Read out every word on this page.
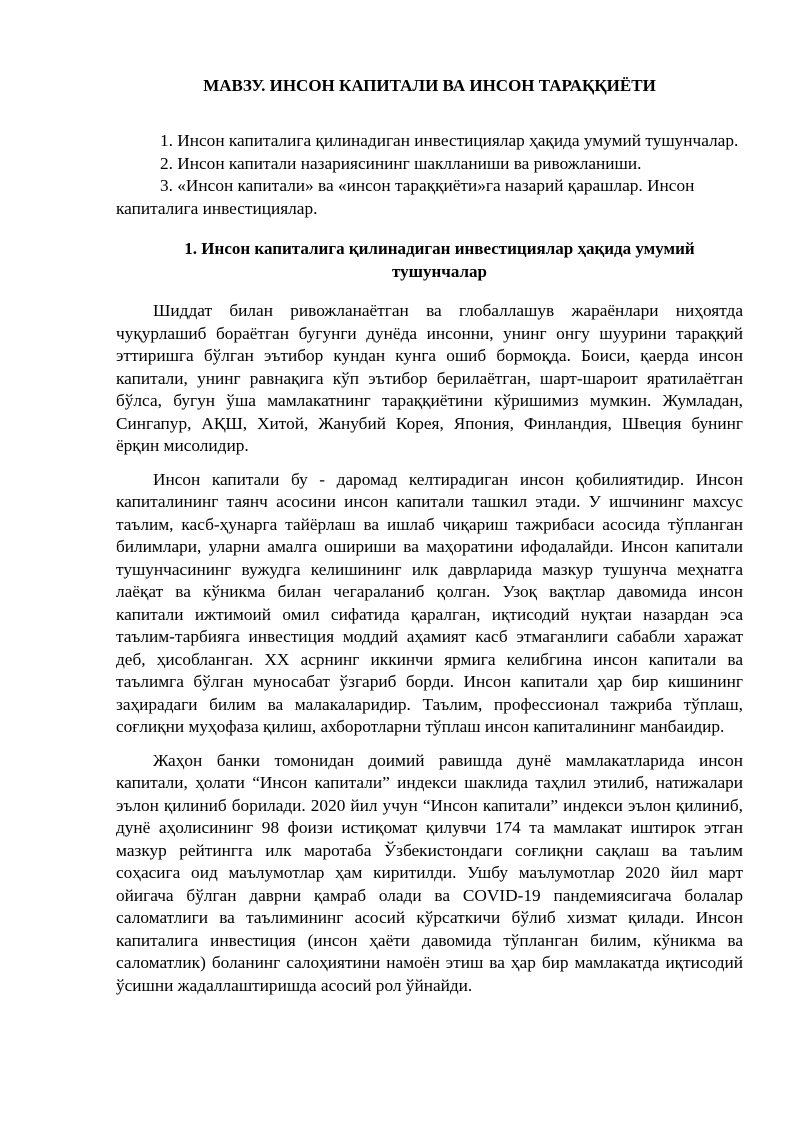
МАВЗУ. ИНСОН КАПИТАЛИ ВА ИНСОН ТАРАҚҚИЁТИ

1. Инсон капиталига қилинадиган инвестициялар ҳақида умумий тушунчалар.

2. Инсон капитали назариясининг шаклланиши ва ривожланиши.

3. «Инсон капитали» ва «инсон тараққиёти»га назарий қарашлар. Инсон капиталига инвестициялар.

1. Инсон капиталига қилинадиган инвестициялар ҳақида умумий тушунчалар

Шиддат билан ривожланаётган ва глобаллашув жараёнлари ниҳоятда чуқурлашиб бораётган бугунги дунёда инсонни, унинг онгу шуурини тараққий эттиришга бўлган эътибор кундан кунга ошиб бормоқда. Боиси, қаерда инсон капитали, унинг равнақига кўп эътибор берилаётган, шарт-шароит яратилаётган бўлса, бугун ўша мамлакатнинг тараққиётини кўришимиз мумкин. Жумладан, Сингапур, АҚШ, Хитой, Жанубий Корея, Япония, Финландия, Швеция бунинг ёрқин мисолидир.

Инсон капитали бу - даромад келтирадиган инсон қобилиятидир. Инсон капиталининг таянч асосини инсон капитали ташкил этади. У ишчининг махсус таълим, касб-ҳунарга тайёрлаш ва ишлаб чиқариш тажрибаси асосида тўпланган билимлари, уларни амалга ошириши ва маҳоратини ифодалайди. Инсон капитали тушунчасининг вужудга келишининг илк даврларида мазкур тушунча меҳнатга лаёқат ва кўникма билан чегараланиб қолган. Узоқ вақтлар давомида инсон капитали ижтимоий омил сифатида қаралган, иқтисодий нуқтаи назардан эса таълим-тарбияга инвестиция моддий аҳамият касб этмаганлиги сабабли харажат деб, ҳисобланган. XX асрнинг иккинчи ярмига келибгина инсон капитали ва таълимга бўлган муносабат ўзгариб борди. Инсон капитали ҳар бир кишининг заҳирадаги билим ва малакаларидир. Таълим, профессионал тажриба тўплаш, соғлиқни муҳофаза қилиш, ахборотларни тўплаш инсон капиталининг манбаидир.

Жаҳон банки томонидан доимий равишда дунё мамлакатларида инсон капитали, ҳолати “Инсон капитали” индекси шаклида таҳлил этилиб, натижалари эълон қилиниб борилади. 2020 йил учун “Инсон капитали” индекси эълон қилиниб, дунё аҳолисининг 98 фоизи истиқомат қилувчи 174 та мамлакат иштирок этган мазкур рейтингга илк маротаба Ўзбекистондаги соғлиқни сақлаш ва таълим соҳасига оид маълумотлар ҳам киритилди. Ушбу маълумотлар 2020 йил март ойигача бўлган даврни қамраб олади ва COVID-19 пандемиясигача болалар саломатлиги ва таълимининг асосий кўрсаткичи бўлиб хизмат қилади. Инсон капиталига инвестиция (инсон ҳаёти давомида тўпланган билим, кўникма ва саломатлик) боланинг салоҳиятини намоён этиш ва ҳар бир мамлакатда иқтисодий ўсишни жадаллаштиришда асосий рол ўйнайди.
